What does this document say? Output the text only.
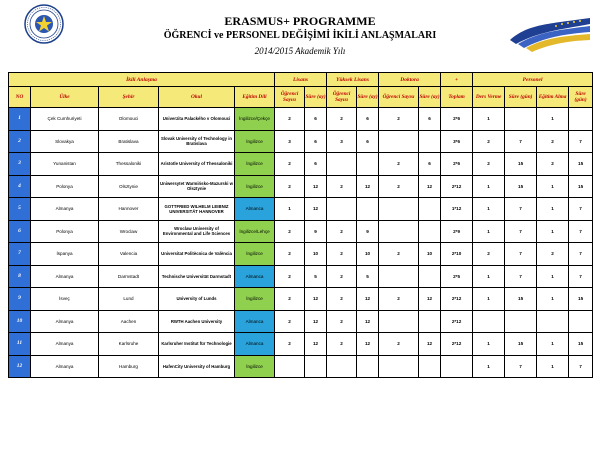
ERASMUS+ PROGRAMME
ÖĞRENCİ ve PERSONEL DEĞİŞİMİ İKİLİ ANLAŞMALARI
2014/2015 Akademik Yılı
İkili Anlaşma					Lisans		Yüksek Lisans		Doktora		+	Personel			
NO	Ülke	Şehir	Okul	Eğitim Dili	Öğrenci Sayısı	Süre (ay)	Öğrenci Sayısı	Süre (ay)	Öğrenci Sayısı	Süre (ay)	Toplam	Ders Verme	Süre (gün)	Eğitim Alma	Süre (gün)
1	Çek Cumhuriyeti	Olomouci	Univerzita Palackého v Olomouci	İngilizce/Çekçe	2	6	2	6	2	6	2*6	1		1	
2	Slovakya	Bratislava	Slovak University of Technology in Bratislava	İngilizce	3	6	3	6			3*6	2	7	2	7
3	Yunanistan	Thessaloniki	Aristotle University of Thessaloniki	İngilizce	2	6			2	6	2*6	2	15	2	15
4	Polonya	Olsztynie	Uniwersytet Warmińsko-Mazurski w Olsztynie	İngilizce	2	12	2	12	2	12	2*12	1	15	1	15
5	Almanya	Hannover	GOTTFRIED WILHELM LEIBNIZ UNIVERSITÄT HANNOVER	Almanca	1	12					1*12	1	7	1	7
6	Polonya	Wroclaw	Wroclaw University of Environmental and Life Sciences	İngilizce/Lehçe	2	9	2	9			2*9	1	7	1	7
7	İspanya	Valencia	Universitat Politècnica de València	İngilizce	2	10	2	10	2	10	2*10	2	7	2	7
8	Almanya	Darmstadt	Technische Universität Darmstadt	Almanca	2	5	2	5			2*5	1	7	1	7
9	İsveç	Lund	University of Lunds	İngilizce	2	12	2	12	2	12	2*12	1	15	1	15
10	Almanya	Aachen	RWTH Aachen University	Almanca	2	12	2	12			2*12				
11	Almanya	Karlsruhe	Karlsruher Institut für Technologie	Almanca	2	12	2	12	2	12	2*12	1	15	1	15
12	Almanya	Hamburg	HafenCity University of Hamburg	İngilizce								1	7	1	7
